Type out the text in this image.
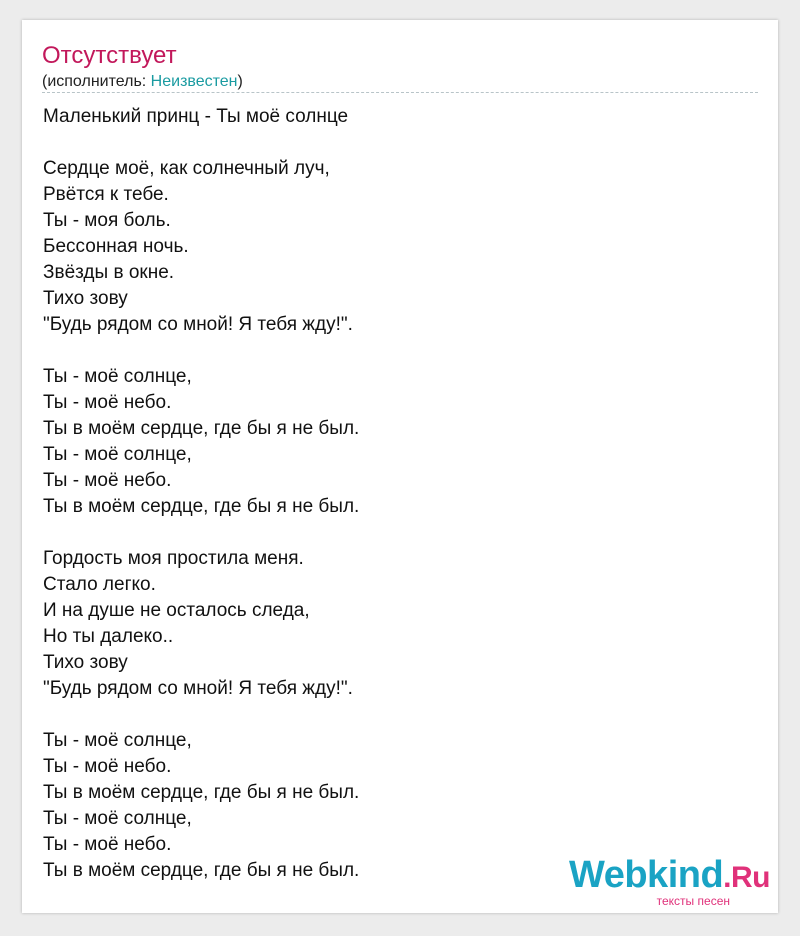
Отсутствует
(исполнитель: Неизвестен)
Маленький принц - Ты моё солнце
Сердце моё, как солнечный луч,
Рвётся к тебе.
Ты - моя боль.
Бессонная ночь.
Звёзды в окне.
Тихо зову
"Будь рядом со мной! Я тебя жду!".
Ты - моё солнце,
Ты - моё небо.
Ты в моём сердце, где бы я не был.
Ты - моё солнце,
Ты - моё небо.
Ты в моём сердце, где бы я не был.
Гордость моя простила меня.
Стало легко.
И на душе не осталось следа,
Но ты далеко..
Тихо зову
"Будь рядом со мной! Я тебя жду!".
Ты - моё солнце,
Ты - моё небо.
Ты в моём сердце, где бы я не был.
Ты - моё солнце,
Ты - моё небо.
Ты в моём сердце, где бы я не был.	Webkind.Ru
тексты песен
